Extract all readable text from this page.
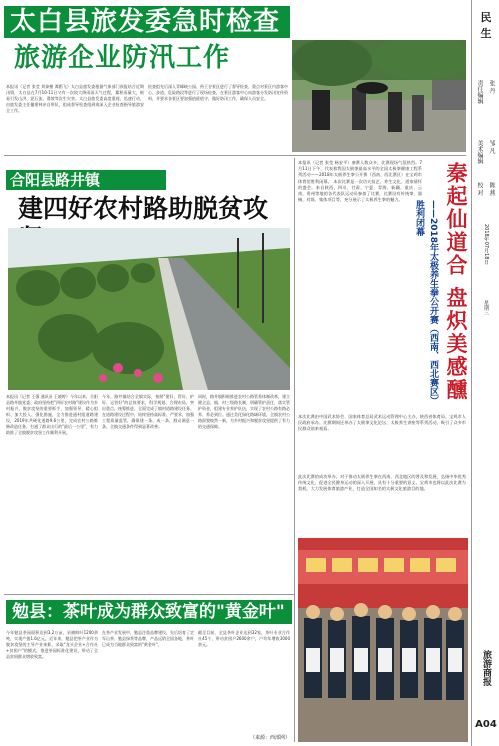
太白县旅发委急时检查
旅游企业防汛工作
本报讯（记者 张莹 刘泰楷 谭鸥飞）太白县旅发委根据气象部门预报结合近期汛情，太白县在7月10-11日又有一次较大降雨雨天气过程，累积雨量大，极易引发山洪、泥石流、滑坡等次生灾害。太白县旅发委高度重视，迅速行动，由旅发委主任徽建林亲自带队，组成督导检查组到南深入企业检查指导旅游安全工作。
检查组先后深入青峰峡公园、药王谷景区进行了督导检查，重点对景区内游客中心、步道、危险路段等进行了现场检查，在景区游客中心向游客分发防汛宣传资料，并要求各景区要加强值班值守，做好防汛工作，确保人员安全。
合阳县路井镇
建四好农村路助脱贫攻
本报讯（记者 王强 通讯员 王晓婷）今年以来，合阳县路井镇党委、政府坚持把"四好农村路"建设作为乡村振兴、脱贫攻坚的重要抓手，加强领导、精心组织、加大投入、强化措施，全力推进通村组道路建设，2019年共硬化道路9.6公里，完成农村公路维修改造任务，打通了群众出行的"最后一公里"，有力助推了全镇脱贫攻坚工作顺利开展。
今年，路井镇结合全镇实际，按照"建好、管好、护好、运营好"的总体要求，科学规划、合理布局，突出重点，统筹推进，全面完成了镇村道路建设任务。在道路建设过程中，始终坚持高标准、严要求，加强工程质量监管，确保建一条、成一条、群众满意一条，全镇交通条件得到显著改善。
同时，路井镇积极推进农村公路管养体制改革，建立健全县、镇、村三级路长制，明确管护责任，落实管护资金，组建专业养护队伍，实现了农村公路有路必养、养必到位。通过美化绿化路域环境，全镇农村公路面貌焕然一新，为乡村振兴和脱贫攻坚提供了有力的交通保障。
勉县：茶叶成为群众致富的"黄金叶"
今年勉县茶园面积达到3.2万亩，采摘鲜叶1200余吨，实现产值1.6亿元。近年来，勉县把茶产业作为脱贫攻坚的主导产业来抓，采取"龙头企业+合作社+贫困户"的模式，推进茶园标准化建设，带动了全县贫困群众增收致富。
在茶产业发展中，勉县注重品牌建设，先后培育了定军山茶、勉县绿茶等品牌，产品远销全国各地，茶叶已成为当地群众致富的"黄金叶"。
截至目前，全县茶叶企业达到32家，茶叶专业合作社45个，带动贫困户2600余户，户均年增收3000余元。
（来源：西部网）
本报讯（记者 张莹 杨安平）参赛人数众多，比赛现场气氛热烈。7月11日下午，代表着我国太极拳最高水平的全国太极拳健康工程系列活动——2018年太极养生拳公开赛（西南、西北赛区）在宝鸡市体育馆胜利闭幕。 本次比赛是一次功夫技艺、养生文化、道家情怀的盛会。来自陕西、四川、甘肃、宁夏、青海、新疆、重庆、云南、贵州等地的各代表队运动员参加了比赛，比赛设有传统拳、器械、对练、集体项目等，充分展示了太极养生拳的魅力。	秦起仙道合 盘炽美感醺
——2018年太极养生拳公开赛（西南、西北赛区）胜利闭幕
本次比赛由中国武术协会、国家体育总局武术运动管理中心主办，陕西省体育局、宝鸡市人民政府承办。比赛期间还举办了太极拳文化论坛、太极养生讲座等系列活动，吸引了众多市民群众前来观看。
此次比赛的成功举办，对于推动太极养生拳在西南、西北地区的普及和发展，弘扬中华优秀传统文化，促进全民健身运动的深入开展，具有十分重要的意义。宝鸡市也将以此次比赛为契机，大力发展体育旅游产业，打造全国知名的太极文化旅游目的地。
民 生
责任编辑 张 丹
美术编辑 邹 凡
校 对 陈 燕
2018年07月18日
星期三
旅游商报
A04
